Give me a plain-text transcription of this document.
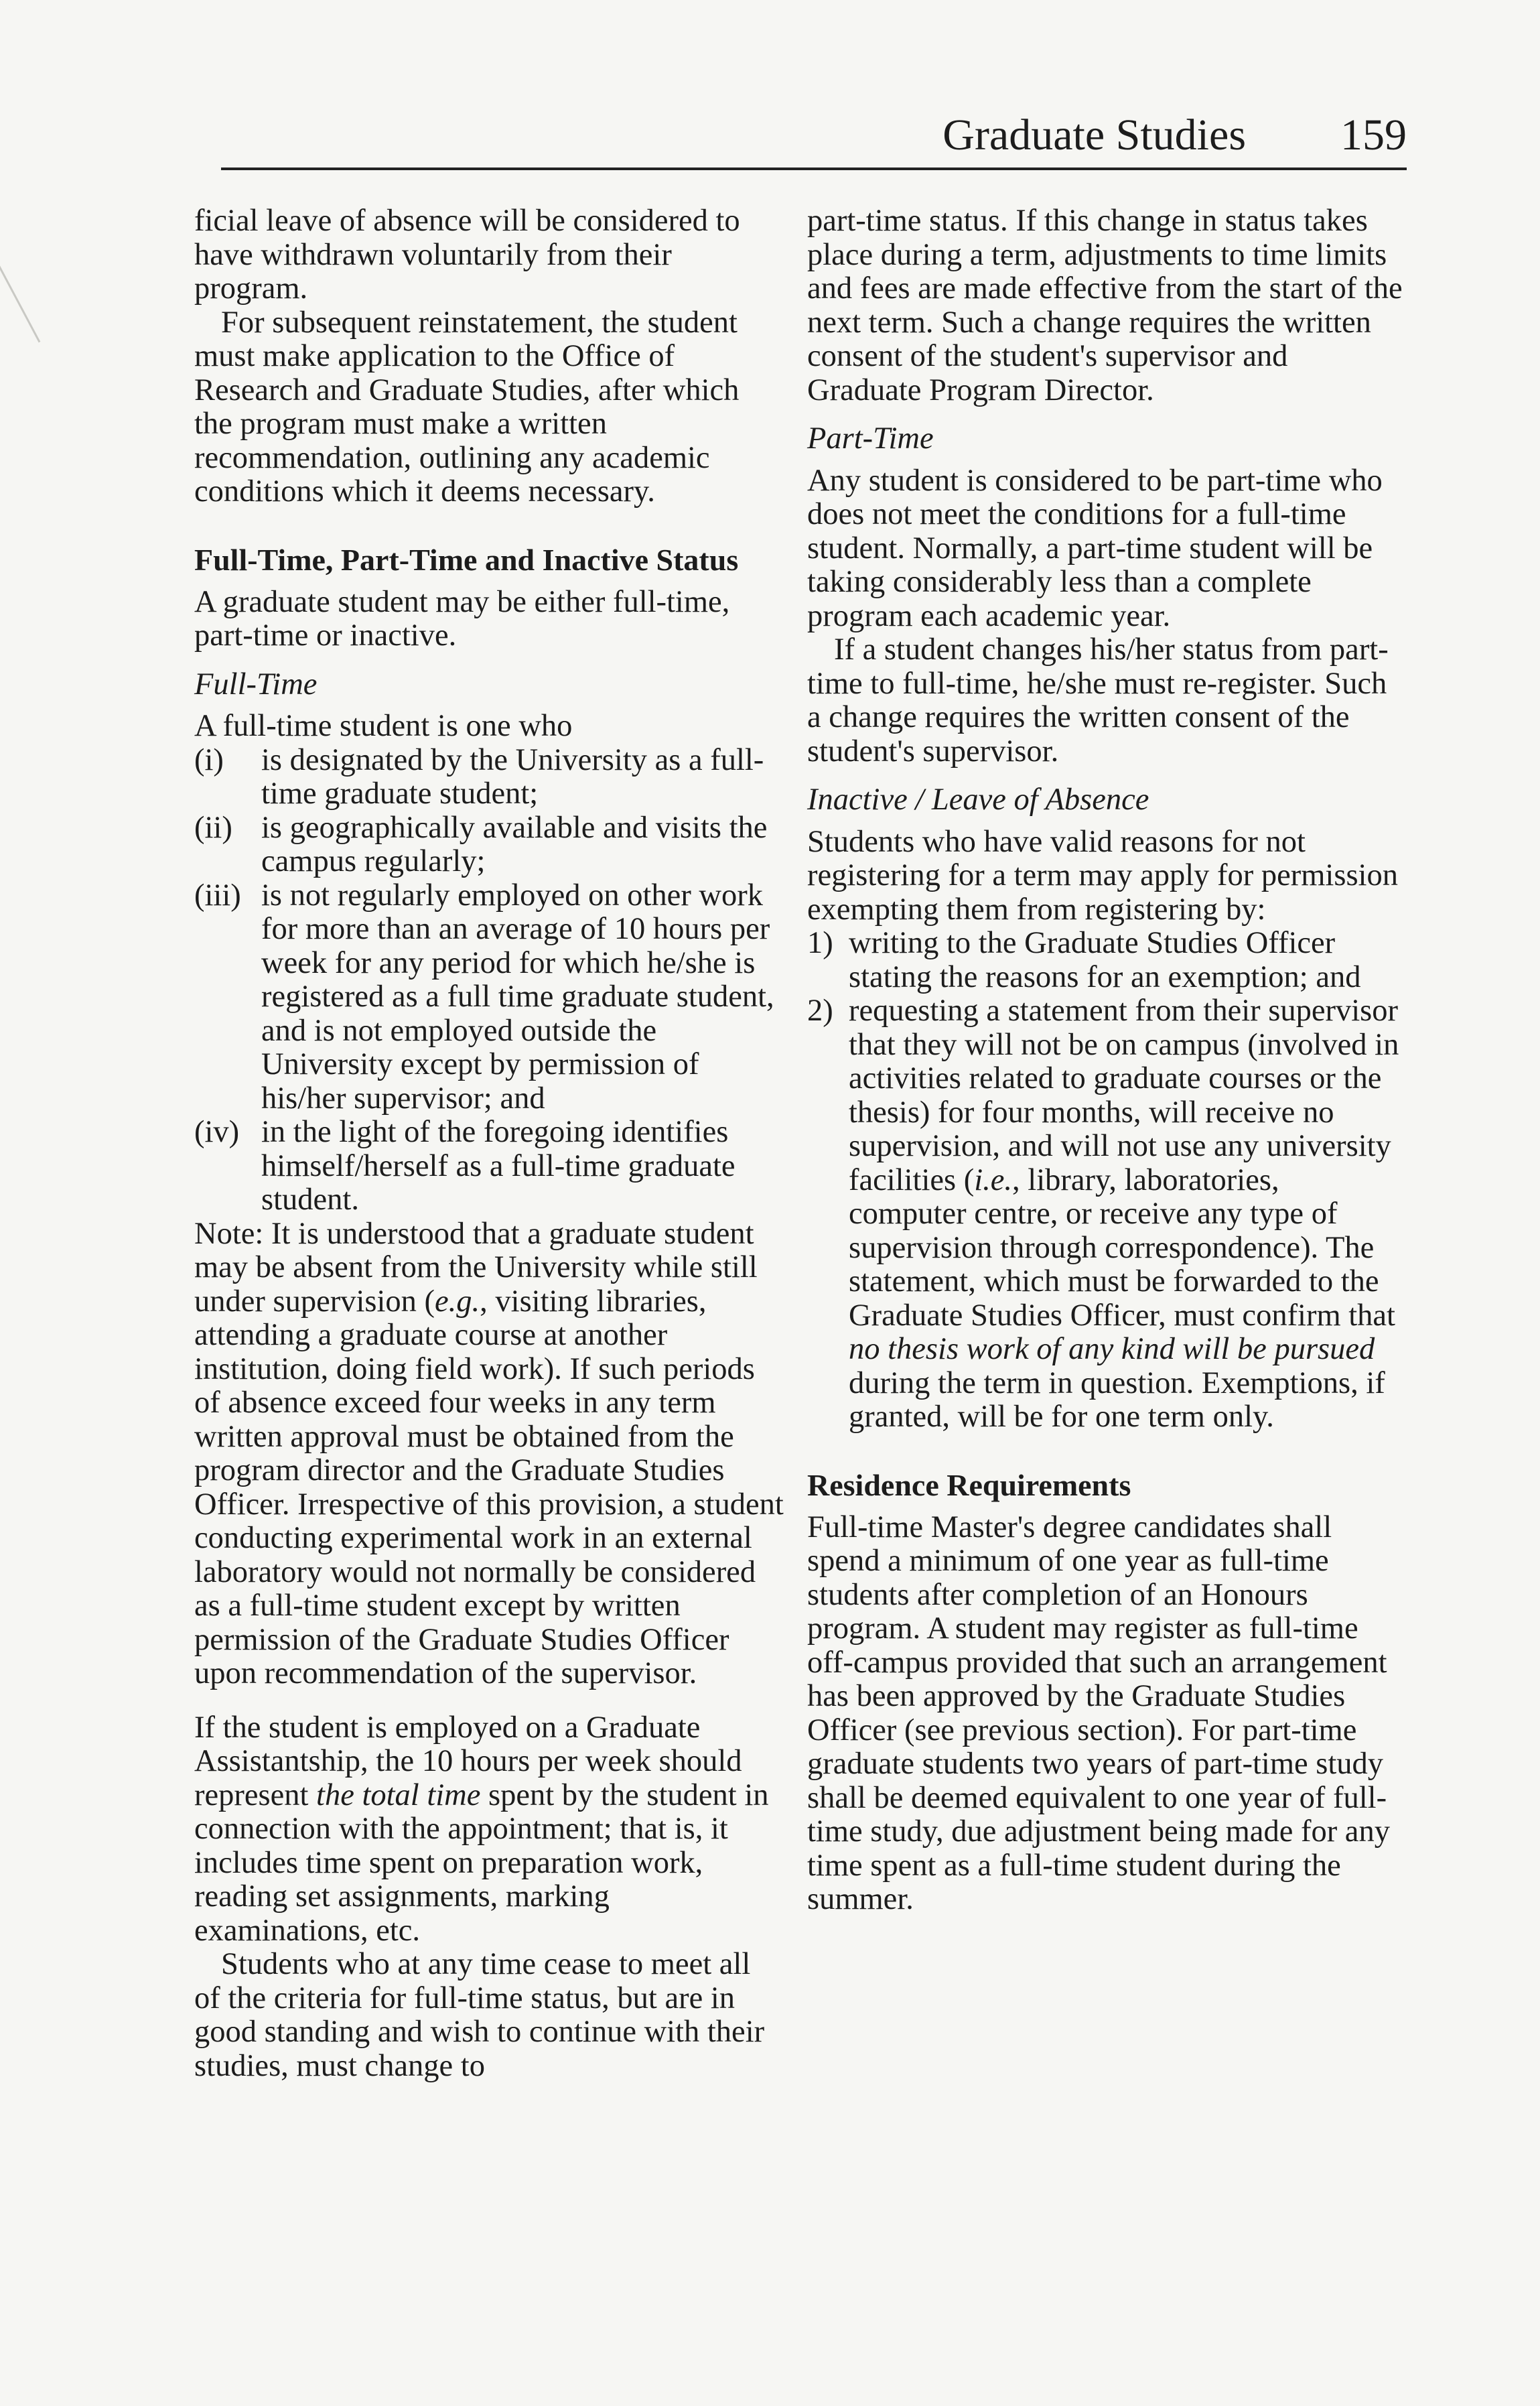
Graduate Studies 159

ficial leave of absence will be considered to have withdrawn voluntarily from their program.

For subsequent reinstatement, the student must make application to the Office of Research and Graduate Studies, after which the program must make a written recommendation, outlining any academic conditions which it deems necessary.

Full-Time, Part-Time and Inactive Status

A graduate student may be either full-time, part-time or inactive.

Full-Time

A full-time student is one who

(i) is designated by the University as a full-time graduate student;
(ii) is geographically available and visits the campus regularly;
(iii) is not regularly employed on other work for more than an average of 10 hours per week for any period for which he/she is registered as a full time graduate student, and is not employed outside the University except by permission of his/her supervisor; and
(iv) in the light of the foregoing identifies himself/herself as a full-time graduate student.

Note: It is understood that a graduate student may be absent from the University while still under supervision (e.g., visiting libraries, attending a graduate course at another institution, doing field work). If such periods of absence exceed four weeks in any term written approval must be obtained from the program director and the Graduate Studies Officer. Irrespective of this provision, a student conducting experimental work in an external laboratory would not normally be considered as a full-time student except by written permission of the Graduate Studies Officer upon recommendation of the supervisor.

If the student is employed on a Graduate Assistantship, the 10 hours per week should represent the total time spent by the student in connection with the appointment; that is, it includes time spent on preparation work, reading set assignments, marking examinations, etc.

Students who at any time cease to meet all of the criteria for full-time status, but are in good standing and wish to continue with their studies, must change to

part-time status. If this change in status takes place during a term, adjustments to time limits and fees are made effective from the start of the next term. Such a change requires the written consent of the student's supervisor and Graduate Program Director.

Part-Time

Any student is considered to be part-time who does not meet the conditions for a full-time student. Normally, a part-time student will be taking considerably less than a complete program each academic year.

If a student changes his/her status from part-time to full-time, he/she must re-register. Such a change requires the written consent of the student's supervisor.

Inactive / Leave of Absence

Students who have valid reasons for not registering for a term may apply for permission exempting them from registering by:

1) writing to the Graduate Studies Officer stating the reasons for an exemption; and
2) requesting a statement from their supervisor that they will not be on campus (involved in activities related to graduate courses or the thesis) for four months, will receive no supervision, and will not use any university facilities (i.e., library, laboratories, computer centre, or receive any type of supervision through correspondence). The statement, which must be forwarded to the Graduate Studies Officer, must confirm that no thesis work of any kind will be pursued during the term in question. Exemptions, if granted, will be for one term only.
Residence Requirements

Full-time Master's degree candidates shall spend a minimum of one year as full-time students after completion of an Honours program. A student may register as full-time off-campus provided that such an arrangement has been approved by the Graduate Studies Officer (see previous section). For part-time graduate students two years of part-time study shall be deemed equivalent to one year of full-time study, due adjustment being made for any time spent as a full-time student during the summer.
